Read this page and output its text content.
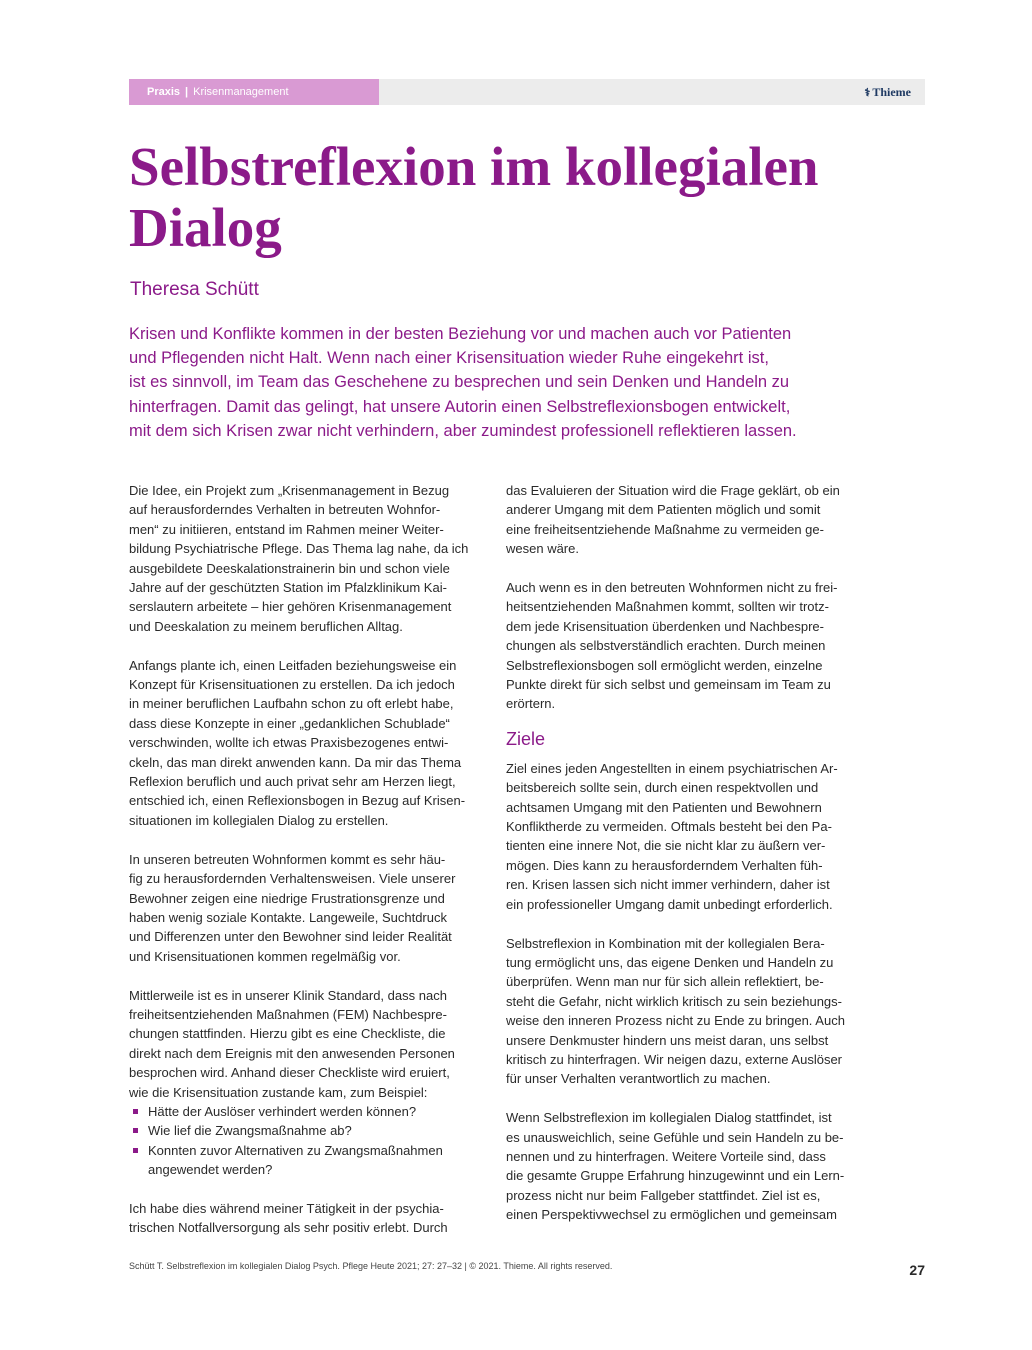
Praxis | Krisenmanagement	⚕ Thieme
Selbstreflexion im kollegialen Dialog
Theresa Schütt
Krisen und Konflikte kommen in der besten Beziehung vor und machen auch vor Patienten
und Pflegenden nicht Halt. Wenn nach einer Krisensituation wieder Ruhe eingekehrt ist,
ist es sinnvoll, im Team das Geschehene zu besprechen und sein Denken und Handeln zu
hinterfragen. Damit das gelingt, hat unsere Autorin einen Selbstreflexionsbogen entwickelt,
mit dem sich Krisen zwar nicht verhindern, aber zumindest professionell reflektieren lassen.
Die Idee, ein Projekt zum „Krisenmanagement in Bezug
auf herausforderndes Verhalten in betreuten Wohnfor-
men“ zu initiieren, entstand im Rahmen meiner Weiter-
bildung Psychiatrische Pflege. Das Thema lag nahe, da ich
ausgebildete Deeskalationstrainerin bin und schon viele
Jahre auf der geschützten Station im Pfalzklinikum Kai-
serslautern arbeitete – hier gehören Krisenmanagement
und Deeskalation zu meinem beruflichen Alltag.
Anfangs plante ich, einen Leitfaden beziehungsweise ein
Konzept für Krisensituationen zu erstellen. Da ich jedoch
in meiner beruflichen Laufbahn schon zu oft erlebt habe,
dass diese Konzepte in einer „gedanklichen Schublade“
verschwinden, wollte ich etwas Praxisbezogenes entwi-
ckeln, das man direkt anwenden kann. Da mir das Thema
Reflexion beruflich und auch privat sehr am Herzen liegt,
entschied ich, einen Reflexionsbogen in Bezug auf Krisen-
situationen im kollegialen Dialog zu erstellen.
In unseren betreuten Wohnformen kommt es sehr häu-
fig zu herausfordernden Verhaltensweisen. Viele unserer
Bewohner zeigen eine niedrige Frustrationsgrenze und
haben wenig soziale Kontakte. Langeweile, Suchtdruck
und Differenzen unter den Bewohner sind leider Realität
und Krisensituationen kommen regelmäßig vor.
Mittlerweile ist es in unserer Klinik Standard, dass nach
freiheitsentziehenden Maßnahmen (FEM) Nachbespre-
chungen stattfinden. Hierzu gibt es eine Checkliste, die
direkt nach dem Ereignis mit den anwesenden Personen
besprochen wird. Anhand dieser Checkliste wird eruiert,
wie die Krisensituation zustande kam, zum Beispiel:
Hätte der Auslöser verhindert werden können?
Wie lief die Zwangsmaßnahme ab?
Konnten zuvor Alternativen zu Zwangsmaßnahmen
angewendet werden?
Ich habe dies während meiner Tätigkeit in der psychia-
trischen Notfallversorgung als sehr positiv erlebt. Durch
das Evaluieren der Situation wird die Frage geklärt, ob ein
anderer Umgang mit dem Patienten möglich und somit
eine freiheitsentziehende Maßnahme zu vermeiden ge-
wesen wäre.
Auch wenn es in den betreuten Wohnformen nicht zu frei-
heitsentziehenden Maßnahmen kommt, sollten wir trotz-
dem jede Krisensituation überdenken und Nachbespre-
chungen als selbstverständlich erachten. Durch meinen
Selbstreflexionsbogen soll ermöglicht werden, einzelne
Punkte direkt für sich selbst und gemeinsam im Team zu
erörtern.
Ziele
Ziel eines jeden Angestellten in einem psychiatrischen Ar-
beitsbereich sollte sein, durch einen respektvollen und
achtsamen Umgang mit den Patienten und Bewohnern
Konfliktherde zu vermeiden. Oftmals besteht bei den Pa-
tienten eine innere Not, die sie nicht klar zu äußern ver-
mögen. Dies kann zu herausforderndem Verhalten füh-
ren. Krisen lassen sich nicht immer verhindern, daher ist
ein professioneller Umgang damit unbedingt erforderlich.
Selbstreflexion in Kombination mit der kollegialen Bera-
tung ermöglicht uns, das eigene Denken und Handeln zu
überprüfen. Wenn man nur für sich allein reflektiert, be-
steht die Gefahr, nicht wirklich kritisch zu sein beziehungs-
weise den inneren Prozess nicht zu Ende zu bringen. Auch
unsere Denkmuster hindern uns meist daran, uns selbst
kritisch zu hinterfragen. Wir neigen dazu, externe Auslöser
für unser Verhalten verantwortlich zu machen.
Wenn Selbstreflexion im kollegialen Dialog stattfindet, ist
es unausweichlich, seine Gefühle und sein Handeln zu be-
nennen und zu hinterfragen. Weitere Vorteile sind, dass
die gesamte Gruppe Erfahrung hinzugewinnt und ein Lern-
prozess nicht nur beim Fallgeber stattfindet. Ziel ist es,
einen Perspektivwechsel zu ermöglichen und gemeinsam
Schütt T. Selbstreflexion im kollegialen Dialog Psych. Pflege Heute 2021; 27: 27–32 | © 2021. Thieme. All rights reserved.	27
